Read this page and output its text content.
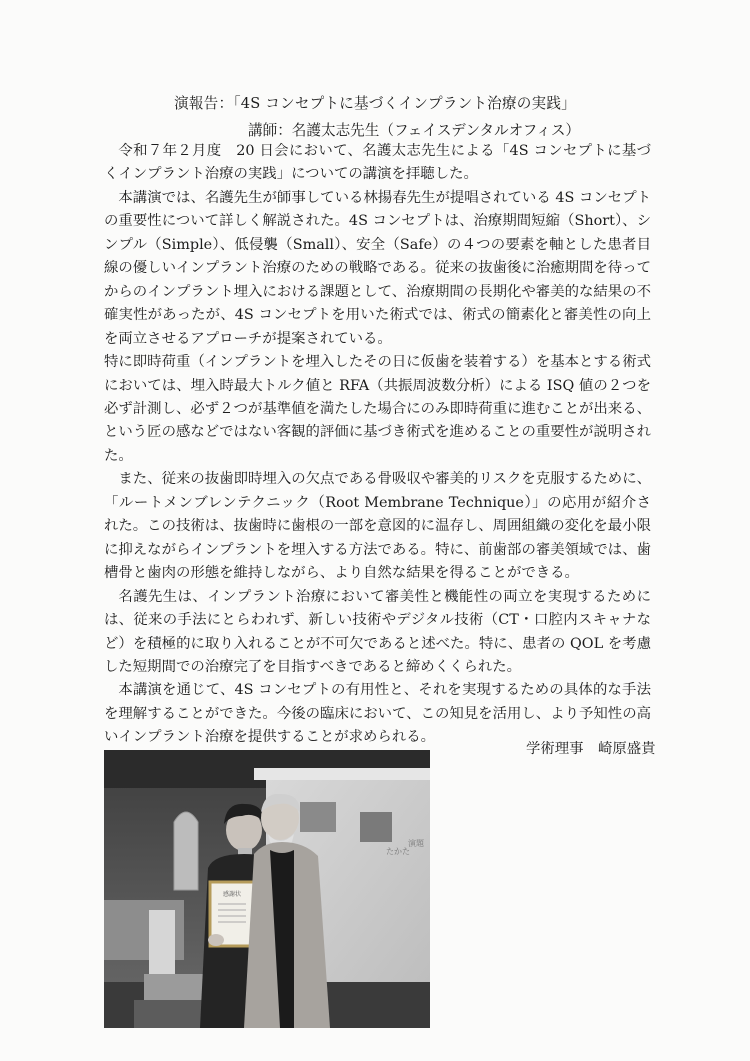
演報告：「4S コンセプトに基づくインプラント治療の実践」
講師：名護太志先生（フェイスデンタルオフィス）

令和７年２月度　20 日会において、名護太志先生による「4S コンセプトに基づくインプラント治療の実践」についての講演を拝聴した。

本講演では、名護先生が師事している林揚春先生が提唱されている 4S コンセプトの重要性について詳しく解説された。4S コンセプトは、治療期間短縮（Short）、シンプル（Simple）、低侵襲（Small）、安全（Safe）の４つの要素を軸とした患者目線の優しいインプラント治療のための戦略である。従来の抜歯後に治癒期間を待ってからのインプラント埋入における課題として、治療期間の長期化や審美的な結果の不確実性があったが、4S コンセプトを用いた術式では、術式の簡素化と審美性の向上を両立させるアプローチが提案されている。

特に即時荷重（インプラントを埋入したその日に仮歯を装着する）を基本とする術式においては、埋入時最大トルク値と RFA（共振周波数分析）による ISQ 値の２つを必ず計測し、必ず２つが基準値を満たした場合にのみ即時荷重に進むことが出来る、という匠の感などではない客観的評価に基づき術式を進めることの重要性が説明された。

また、従来の抜歯即時埋入の欠点である骨吸収や審美的リスクを克服するために、「ルートメンブレンテクニック（Root Membrane Technique）」の応用が紹介された。この技術は、抜歯時に歯根の一部を意図的に温存し、周囲組織の変化を最小限に抑えながらインプラントを埋入する方法である。特に、前歯部の審美領域では、歯槽骨と歯肉の形態を維持しながら、より自然な結果を得ることができる。

名護先生は、インプラント治療において審美性と機能性の両立を実現するためには、従来の手法にとらわれず、新しい技術やデジタル技術（CT・口腔内スキャナなど）を積極的に取り入れることが不可欠であると述べた。特に、患者の QOL を考慮した短期間での治療完了を目指すべきであると締めくくられた。

本講演を通じて、4S コンセプトの有用性と、それを実現するための具体的な手法を理解することができた。今後の臨床において、この知見を活用し、より予知性の高いインプラント治療を提供することが求められる。

学術理事　崎原盛貴
たかた
演題
感謝状
